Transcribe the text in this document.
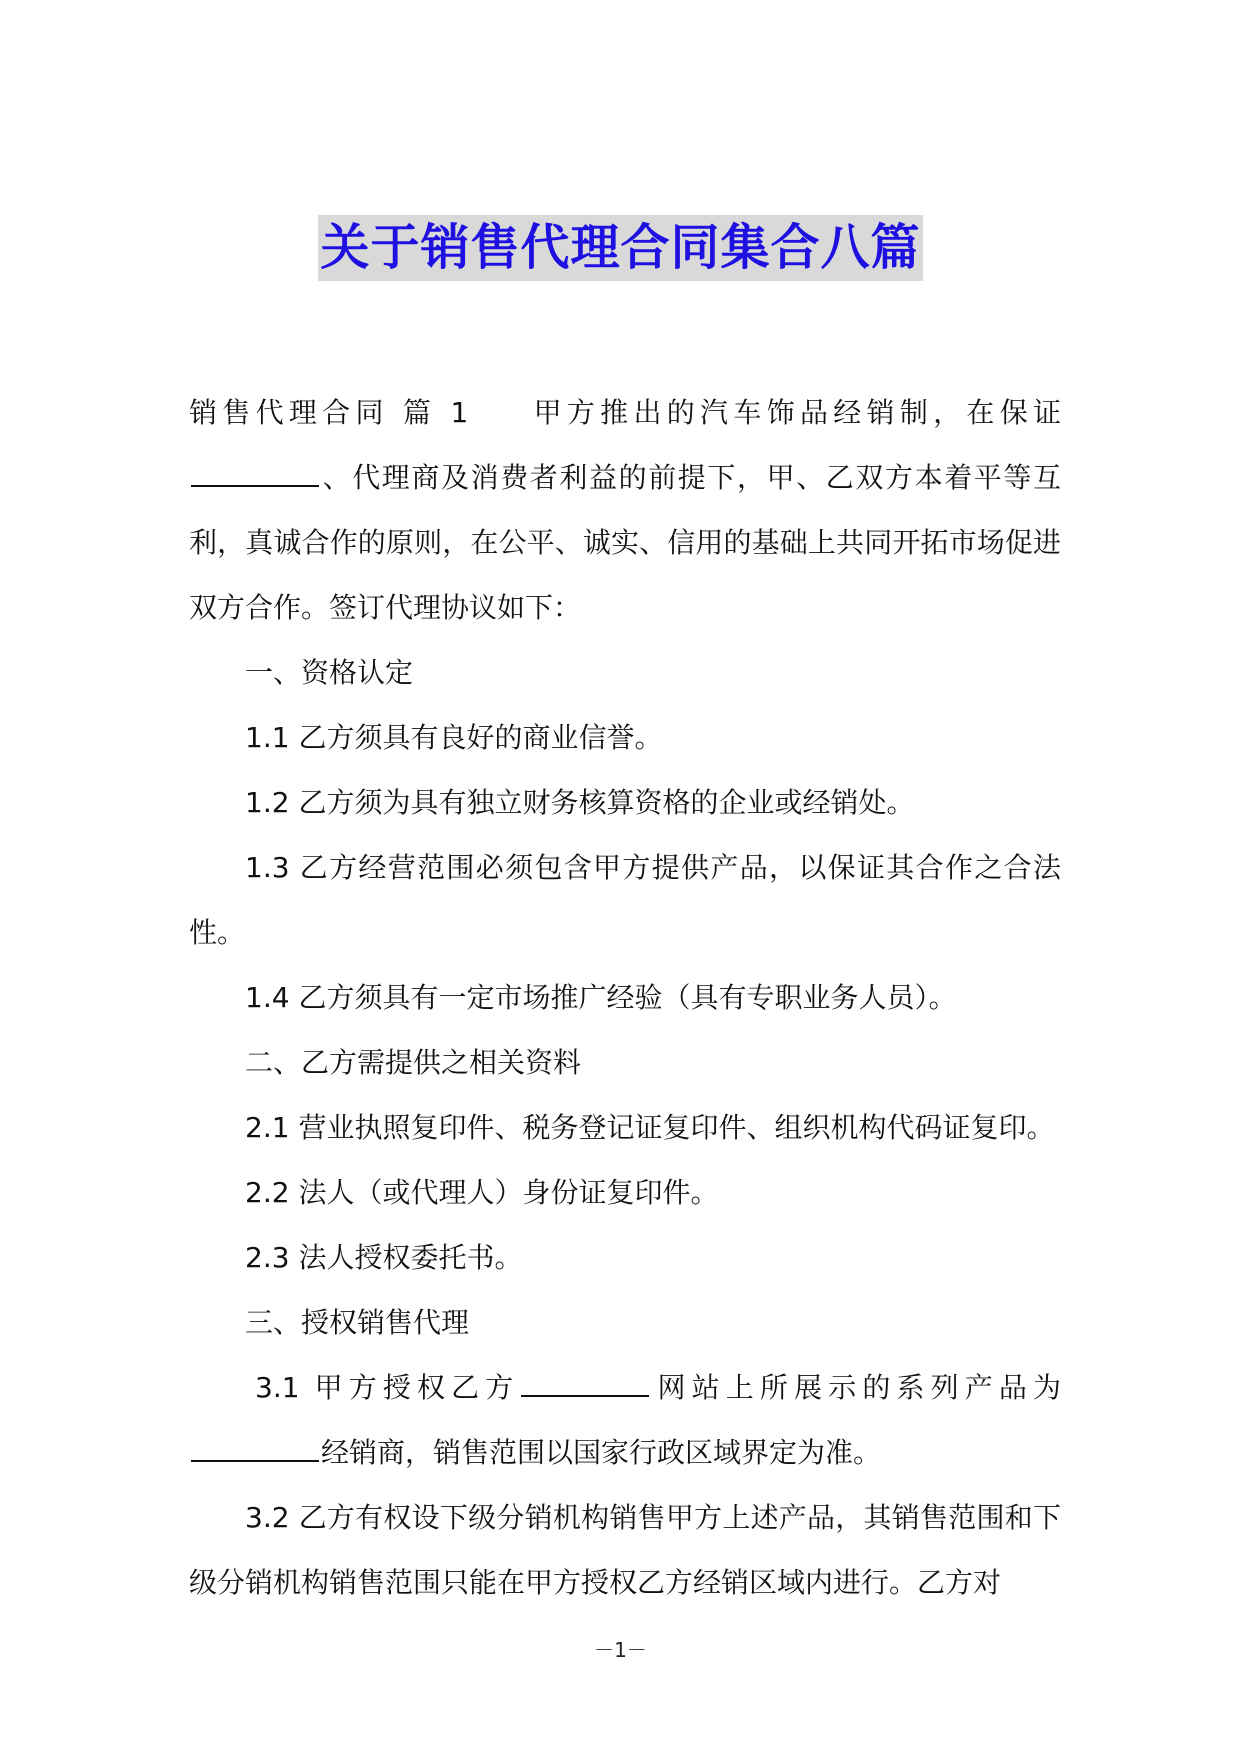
关于销售代理合同集合八篇

销售代理合同 篇 1 甲方推出的汽车饰品经销制，在保证

、代理商及消费者利益的前提下，甲、乙双方本着平等互利，真诚合作的原则，在公平、诚实、信用的基础上共同开拓市场促进双方合作。签订代理协议如下：

一、资格认定

1.1 乙方须具有良好的商业信誉。

1.2 乙方须为具有独立财务核算资格的企业或经销处。

1.3 乙方经营范围必须包含甲方提供产品，以保证其合作之合法性。

1.4 乙方须具有一定市场推广经验（具有专职业务人员）。

二、乙方需提供之相关资料

2.1 营业执照复印件、税务登记证复印件、组织机构代码证复印。

2.2 法人（或代理人）身份证复印件。

2.3 法人授权委托书。

三、授权销售代理

3.1 甲方授权乙方	网站上所展示的系列产品为

经销商，销售范围以国家行政区域界定为准。

3.2 乙方有权设下级分销机构销售甲方上述产品，其销售范围和下级分销机构销售范围只能在甲方授权乙方经销区域内进行。乙方对

－1－
